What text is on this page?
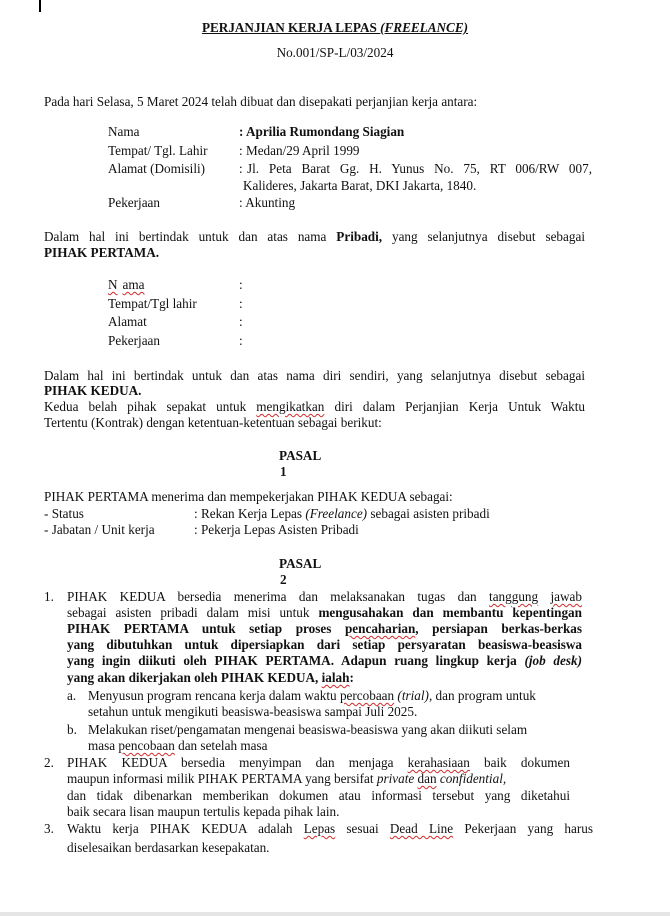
PERJANJIAN KERJA LEPAS (FREELANCE)
No.001/SP-L/03/2024
Pada hari Selasa, 5 Maret 2024 telah dibuat dan disepakati perjanjian kerja antara:
Nama	: Aprilia Rumondang Siagian
Tempat/ Tgl. Lahir : Medan/29 April 1999
Alamat (Domisili)	: Jl. Peta Barat Gg. H. Yunus No. 75, RT 006/RW 007,
Kalideres, Jakarta Barat, DKI Jakarta, 1840.
Pekerjaan	: Akunting
Dalam hal ini bertindak untuk dan atas nama Pribadi, yang selanjutnya disebut sebagai
PIHAK PERTAMA.
N ama	:
Tempat/Tgl lahir	:
Alamat	:
Pekerjaan	:
Dalam hal ini bertindak untuk dan atas nama diri sendiri, yang selanjutnya disebut sebagai
PIHAK KEDUA.
Kedua belah pihak sepakat untuk mengikatkan diri dalam Perjanjian Kerja Untuk Waktu
Tertentu (Kontrak) dengan ketentuan-ketentuan sebagai berikut:
PASAL
1
PIHAK PERTAMA menerima dan mempekerjakan PIHAK KEDUA sebagai:
- Status	: Rekan Kerja Lepas (Freelance) sebagai asisten pribadi
- Jabatan / Unit kerja	: Pekerja Lepas Asisten Pribadi
PASAL
2
1. PIHAK KEDUA bersedia menerima dan melaksanakan tugas dan tanggung jawab
sebagai asisten pribadi dalam misi untuk mengusahakan dan membantu kepentingan
PIHAK PERTAMA untuk setiap proses pencaharian, persiapan berkas-berkas
yang dibutuhkan untuk dipersiapkan dari setiap persyaratan beasiswa-beasiswa
yang ingin diikuti oleh PIHAK PERTAMA. Adapun ruang lingkup kerja (job desk)
yang akan dikerjakan oleh PIHAK KEDUA, ialah:
a. Menyusun program rencana kerja dalam waktu percobaan (trial), dan program untuk
setahun untuk mengikuti beasiswa-beasiswa sampai Juli 2025.
b. Melakukan riset/pengamatan mengenai beasiswa-beasiswa yang akan diikuti selam
masa pencobaan dan setelah masa
2. PIHAK KEDUA bersedia menyimpan dan menjaga kerahasiaan baik dokumen
maupun informasi milik PIHAK PERTAMA yang bersifat private dan confidential,
dan tidak dibenarkan memberikan dokumen atau informasi tersebut yang diketahui
baik secara lisan maupun tertulis kepada pihak lain.
3. Waktu kerja PIHAK KEDUA adalah Lepas sesuai Dead Line Pekerjaan yang harus
diselesaikan berdasarkan kesepakatan.
